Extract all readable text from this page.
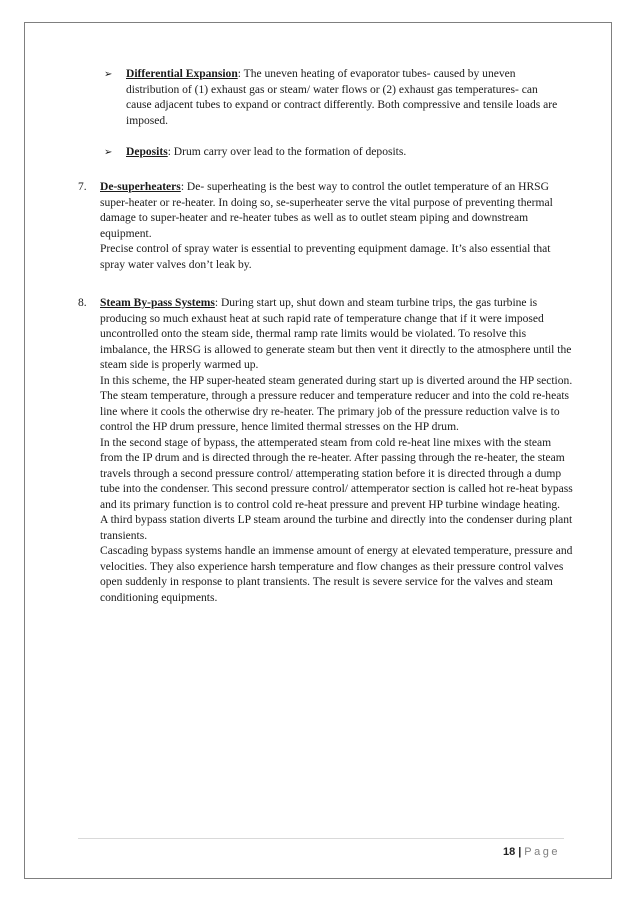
➢ Differential Expansion: The uneven heating of evaporator tubes- caused by uneven distribution of (1) exhaust gas or steam/ water flows or (2) exhaust gas temperatures- can cause adjacent tubes to expand or contract differently. Both compressive and tensile loads are imposed.
➢ Deposits: Drum carry over lead to the formation of deposits.
7. De-superheaters: De- superheating is the best way to control the outlet temperature of an HRSG super-heater or re-heater. In doing so, se-superheater serve the vital purpose of preventing thermal damage to super-heater and re-heater tubes as well as to outlet steam piping and downstream equipment.

Precise control of spray water is essential to preventing equipment damage. It’s also essential that spray water valves don’t leak by.

8. Steam By-pass Systems: During start up, shut down and steam turbine trips, the gas turbine is producing so much exhaust heat at such rapid rate of temperature change that if it were imposed uncontrolled onto the steam side, thermal ramp rate limits would be violated. To resolve this imbalance, the HRSG is allowed to generate steam but then vent it directly to the atmosphere until the steam side is properly warmed up.

In this scheme, the HP super-heated steam generated during start up is diverted around the HP section. The steam temperature, through a pressure reducer and temperature reducer and into the cold re-heats line where it cools the otherwise dry re-heater. The primary job of the pressure reduction valve is to control the HP drum pressure, hence limited thermal stresses on the HP drum.

In the second stage of bypass, the attemperated steam from cold re-heat line mixes with the steam from the IP drum and is directed through the re-heater. After passing through the re-heater, the steam travels through a second pressure control/ attemperating station before it is directed through a dump tube into the condenser. This second pressure control/ attemperator section is called hot re-heat bypass and its primary function is to control cold re-heat pressure and prevent HP turbine windage heating.

A third bypass station diverts LP steam around the turbine and directly into the condenser during plant transients.

Cascading bypass systems handle an immense amount of energy at elevated temperature, pressure and velocities. They also experience harsh temperature and flow changes as their pressure control valves open suddenly in response to plant transients. The result is severe service for the valves and steam conditioning equipments.

18 | Page
